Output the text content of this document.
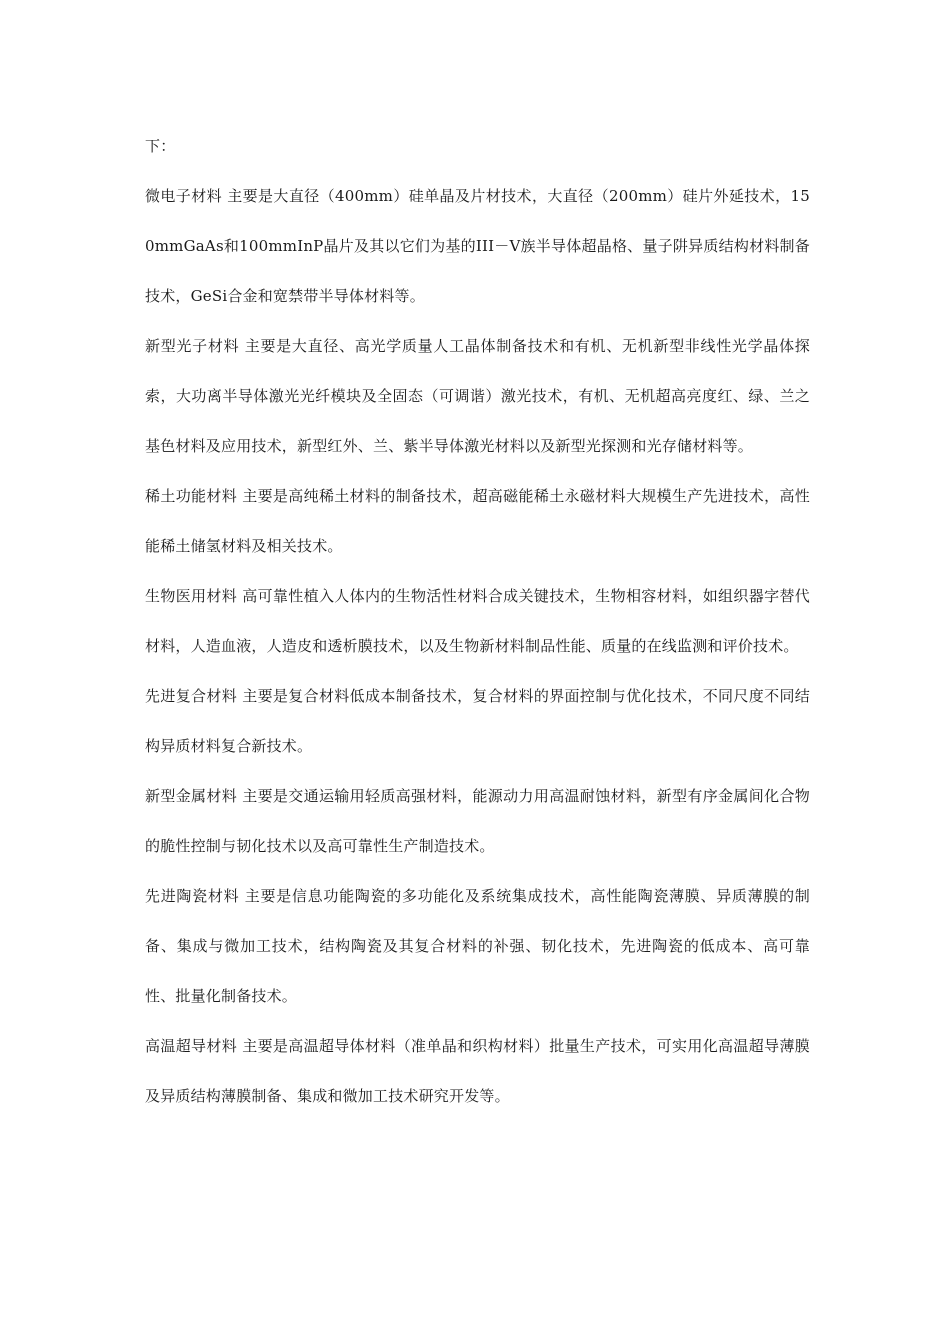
下：

微电子材料 主要是大直径（400mm）硅单晶及片材技术，大直径（200mm）硅片外延技术，150mmGaAs和100mmInP晶片及其以它们为基的III－V族半导体超晶格、量子阱异质结构材料制备技术，GeSi合金和宽禁带半导体材料等。

新型光子材料 主要是大直径、高光学质量人工晶体制备技术和有机、无机新型非线性光学晶体探索，大功离半导体激光光纤模块及全固态（可调谐）激光技术，有机、无机超高亮度红、绿、兰之基色材料及应用技术，新型红外、兰、紫半导体激光材料以及新型光探测和光存储材料等。

稀土功能材料 主要是高纯稀土材料的制备技术，超高磁能稀土永磁材料大规模生产先进技术，高性能稀土储氢材料及相关技术。

生物医用材料 高可靠性植入人体内的生物活性材料合成关键技术，生物相容材料，如组织器字替代材料，人造血液，人造皮和透析膜技术，以及生物新材料制品性能、质量的在线监测和评价技术。

先进复合材料 主要是复合材料低成本制备技术，复合材料的界面控制与优化技术，不同尺度不同结构异质材料复合新技术。

新型金属材料 主要是交通运输用轻质高强材料，能源动力用高温耐蚀材料，新型有序金属间化合物的脆性控制与韧化技术以及高可靠性生产制造技术。

先进陶瓷材料 主要是信息功能陶瓷的多功能化及系统集成技术，高性能陶瓷薄膜、异质薄膜的制备、集成与微加工技术，结构陶瓷及其复合材料的补强、韧化技术，先进陶瓷的低成本、高可靠性、批量化制备技术。

高温超导材料 主要是高温超导体材料（准单晶和织构材料）批量生产技术，可实用化高温超导薄膜及异质结构薄膜制备、集成和微加工技术研究开发等。
